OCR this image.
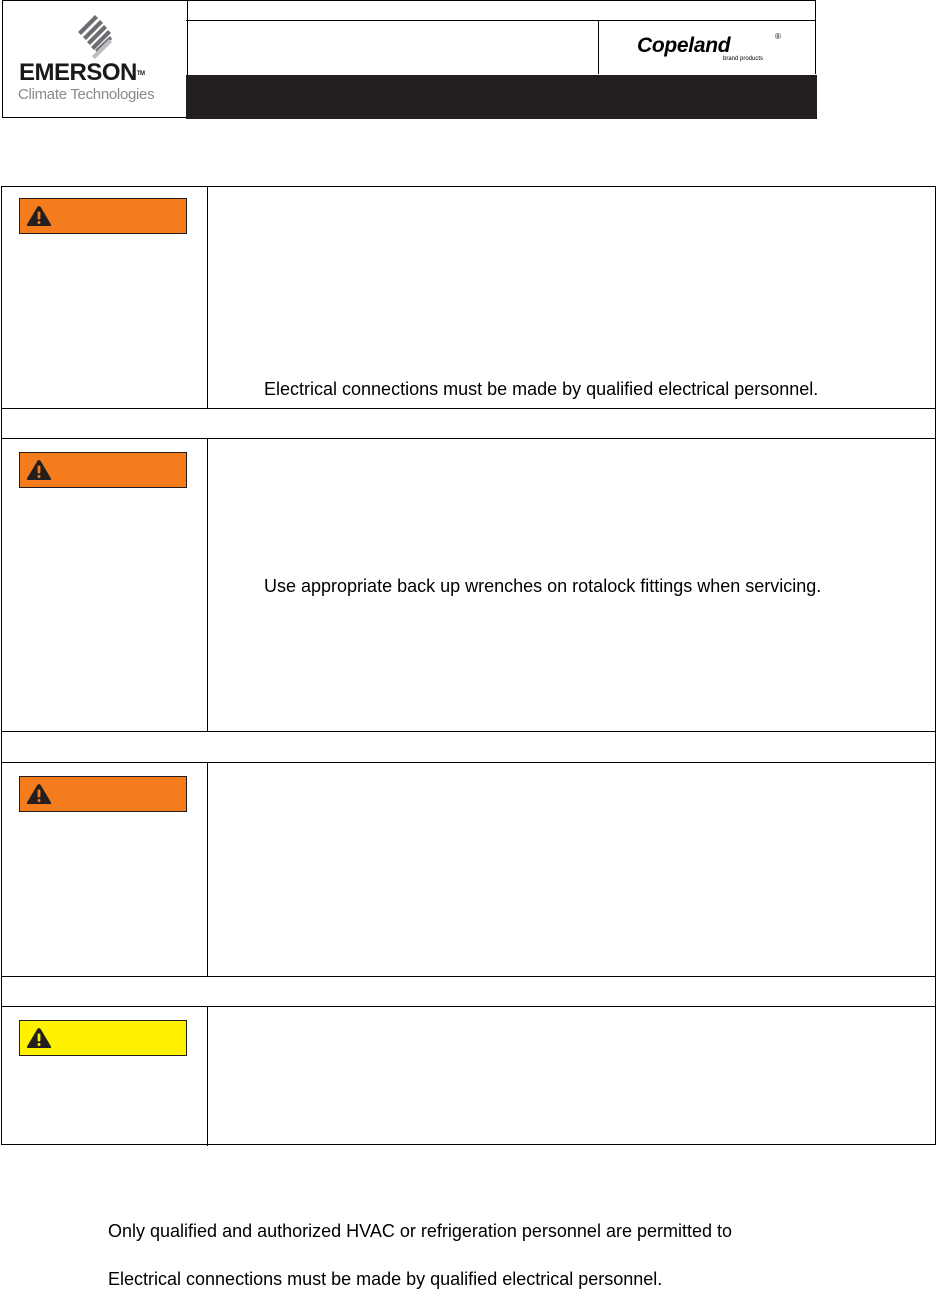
EMERSON™
Climate Technologies
Copeland	®
brand products
Electrical connections must be made by qualified electrical personnel.
Use appropriate back up wrenches on rotalock fittings when servicing.
Only qualified and authorized HVAC or refrigeration personnel are permitted to
Electrical connections must be made by qualified electrical personnel.
